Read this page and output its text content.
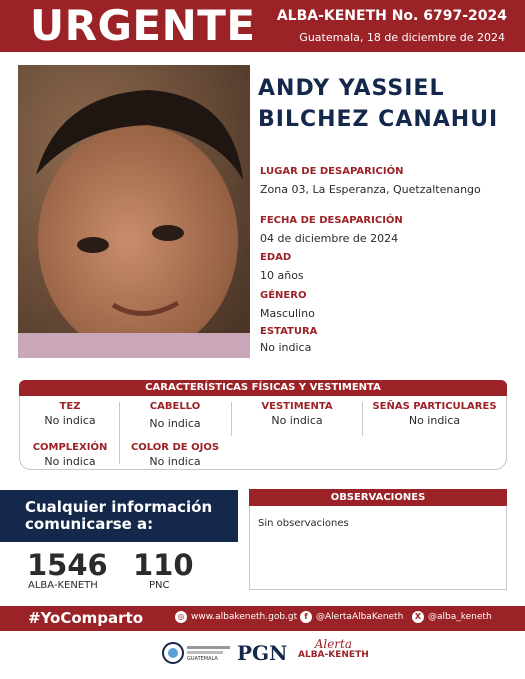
URGENTE ALBA-KENETH No. 6797-2024
Guatemala, 18 de diciembre de 2024
ANDY YASSIEL
BILCHEZ CANAHUI
LUGAR DE DESAPARICIÓN
Zona 03, La Esperanza, Quetzaltenango
FECHA DE DESAPARICIÓN
04 de diciembre de 2024
EDAD
10 años
GÉNERO
Masculino
ESTATURA
No indica
CARACTERÍSTICAS FÍSICAS Y VESTIMENTA
TEZ
No indica
CABELLO
No indica
VESTIMENTA
No indica
SEÑAS PARTICULARES
No indica
COMPLEXIÓN
No indica
COLOR DE OJOS
No indica
Cualquier información
comunicarse a:
1546
ALBA-KENETH
110
PNC
OBSERVACIONES
Sin observaciones
#YoComparto	◎ www.albakeneth.gob.gt f @AlertaAlbaKeneth	X @alba_keneth
GUATEMALA PGN	Alerta
ALBA-KENETH
